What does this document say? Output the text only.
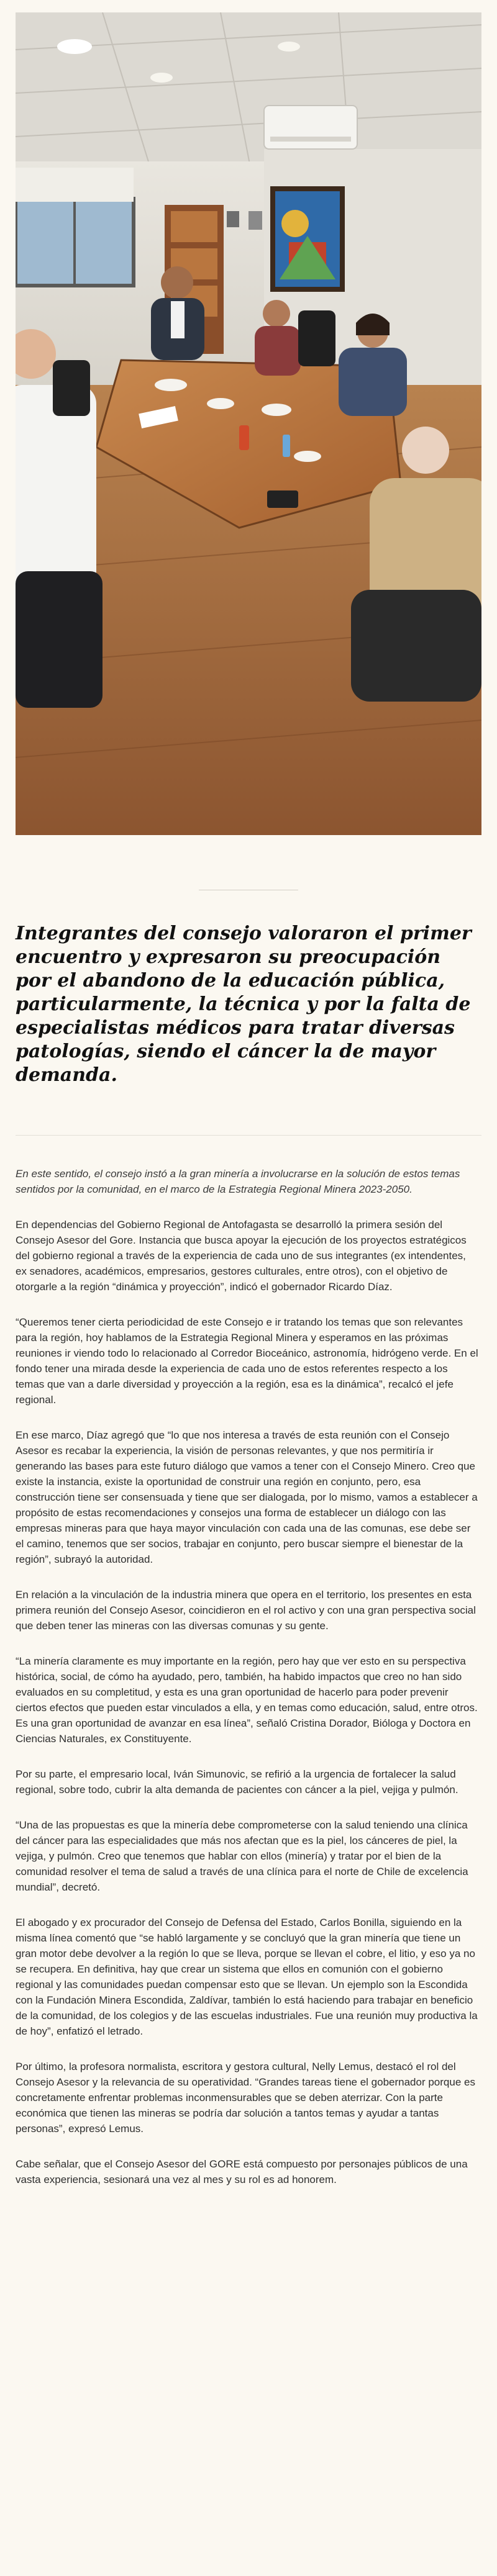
Integrantes del consejo valoraron el primer encuentro y expresaron su preocupación por el abandono de la educación pública, particularmente, la técnica y por la falta de especialistas médicos para tratar diversas patologías, siendo el cáncer la de mayor demanda.

En este sentido, el consejo instó a la gran minería a involucrarse en la solución de estos temas sentidos por la comunidad, en el marco de la Estrategia Regional Minera 2023-2050.

En dependencias del Gobierno Regional de Antofagasta se desarrolló la primera sesión del Consejo Asesor del Gore. Instancia que busca apoyar la ejecución de los proyectos estratégicos del gobierno regional a través de la experiencia de cada uno de sus integrantes (ex intendentes, ex senadores, académicos, empresarios, gestores culturales, entre otros), con el objetivo de otorgarle a la región “dinámica y proyección”, indicó el gobernador Ricardo Díaz.

“Queremos tener cierta periodicidad de este Consejo e ir tratando los temas que son relevantes para la región, hoy hablamos de la Estrategia Regional Minera y esperamos en las próximas reuniones ir viendo todo lo relacionado al Corredor Bioceánico, astronomía, hidrógeno verde. En el fondo tener una mirada desde la experiencia de cada uno de estos referentes respecto a los temas que van a darle diversidad y proyección a la región, esa es la dinámica”, recalcó el jefe regional.

En ese marco, Díaz agregó que “lo que nos interesa a través de esta reunión con el Consejo Asesor es recabar la experiencia, la visión de personas relevantes, y que nos permitiría ir generando las bases para este futuro diálogo que vamos a tener con el Consejo Minero. Creo que existe la instancia, existe la oportunidad de construir una región en conjunto, pero, esa construcción tiene ser consensuada y tiene que ser dialogada, por lo mismo, vamos a establecer a propósito de estas recomendaciones y consejos una forma de establecer un diálogo con las empresas mineras para que haya mayor vinculación con cada una de las comunas, ese debe ser el camino, tenemos que ser socios, trabajar en conjunto, pero buscar siempre el bienestar de la región”, subrayó la autoridad.

En relación a la vinculación de la industria minera que opera en el territorio, los presentes en esta primera reunión del Consejo Asesor, coincidieron en el rol activo y con una gran perspectiva social que deben tener las mineras con las diversas comunas y su gente.

“La minería claramente es muy importante en la región, pero hay que ver esto en su perspectiva histórica, social, de cómo ha ayudado, pero, también, ha habido impactos que creo no han sido evaluados en su completitud, y esta es una gran oportunidad de hacerlo para poder prevenir ciertos efectos que pueden estar vinculados a ella, y en temas como educación, salud, entre otros. Es una gran oportunidad de avanzar en esa línea”, señaló Cristina Dorador, Bióloga y Doctora en Ciencias Naturales, ex Constituyente.

Por su parte, el empresario local, Iván Simunovic, se refirió a la urgencia de fortalecer la salud regional, sobre todo, cubrir la alta demanda de pacientes con cáncer a la piel, vejiga y pulmón.

“Una de las propuestas es que la minería debe comprometerse con la salud teniendo una clínica del cáncer para las especialidades que más nos afectan que es la piel, los cánceres de piel, la vejiga, y pulmón. Creo que tenemos que hablar con ellos (minería) y tratar por el bien de la comunidad resolver el tema de salud a través de una clínica para el norte de Chile de excelencia mundial”, decretó.

El abogado y ex procurador del Consejo de Defensa del Estado, Carlos Bonilla, siguiendo en la misma línea comentó que “se habló largamente y se concluyó que la gran minería que tiene un gran motor debe devolver a la región lo que se lleva, porque se llevan el cobre, el litio, y eso ya no se recupera. En definitiva, hay que crear un sistema que ellos en comunión con el gobierno regional y las comunidades puedan compensar esto que se llevan. Un ejemplo son la Escondida con la Fundación Minera Escondida, Zaldívar, también lo está haciendo para trabajar en beneficio de la comunidad, de los colegios y de las escuelas industriales. Fue una reunión muy productiva la de hoy”, enfatizó el letrado.

Por último, la profesora normalista, escritora y gestora cultural, Nelly Lemus, destacó el rol del Consejo Asesor y la relevancia de su operatividad. “Grandes tareas tiene el gobernador porque es concretamente enfrentar problemas inconmensurables que se deben aterrizar. Con la parte económica que tienen las mineras se podría dar solución a tantos temas y ayudar a tantas personas”, expresó Lemus.

Cabe señalar, que el Consejo Asesor del GORE está compuesto por personajes públicos de una vasta experiencia, sesionará una vez al mes y su rol es ad honorem.
